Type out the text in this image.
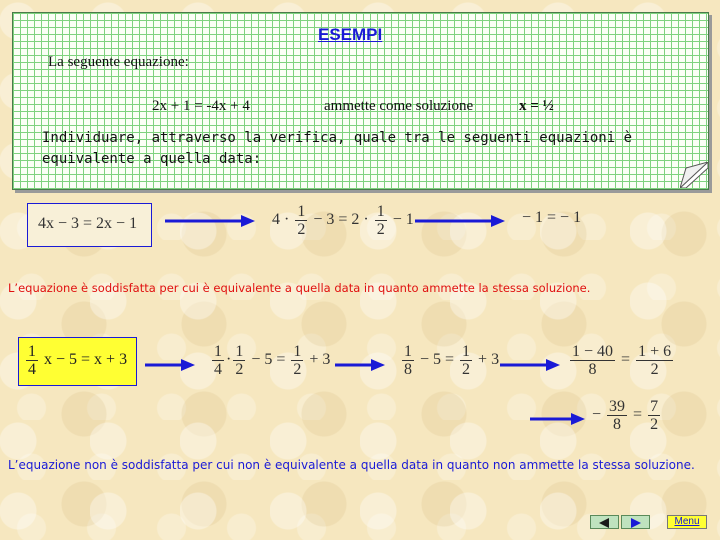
ESEMPI
La seguente equazione:
2x + 1 = -4x + 4	ammette come soluzione	x = ½
Individuare, attraverso la verifica, quale tra le seguenti equazioni è equivalente a quella data:
4x − 3 = 2x − 1	$4 \cdot \frac{1}{2} - 3 = 2 \cdot \frac{1}{2} - 1$	− 1 = − 1
L’equazione è soddisfatta per cui è equivalente a quella data in quanto ammette la stessa soluzione.
$\frac{1}{4}$ x − 5 = x + 3	$\frac{1}{4} \cdot \frac{1}{2} - 5 = \frac{1}{2} + 3$	$\frac{1}{8} - 5 = \frac{1}{2} + 3$	$\frac{1 - 40}{8} = \frac{1 + 6}{2}$
− $\frac{39}{8} = \frac{7}{2}$
L’equazione non è soddisfatta per cui non è equivalente a quella data in quanto non ammette la stessa soluzione.
Menu
